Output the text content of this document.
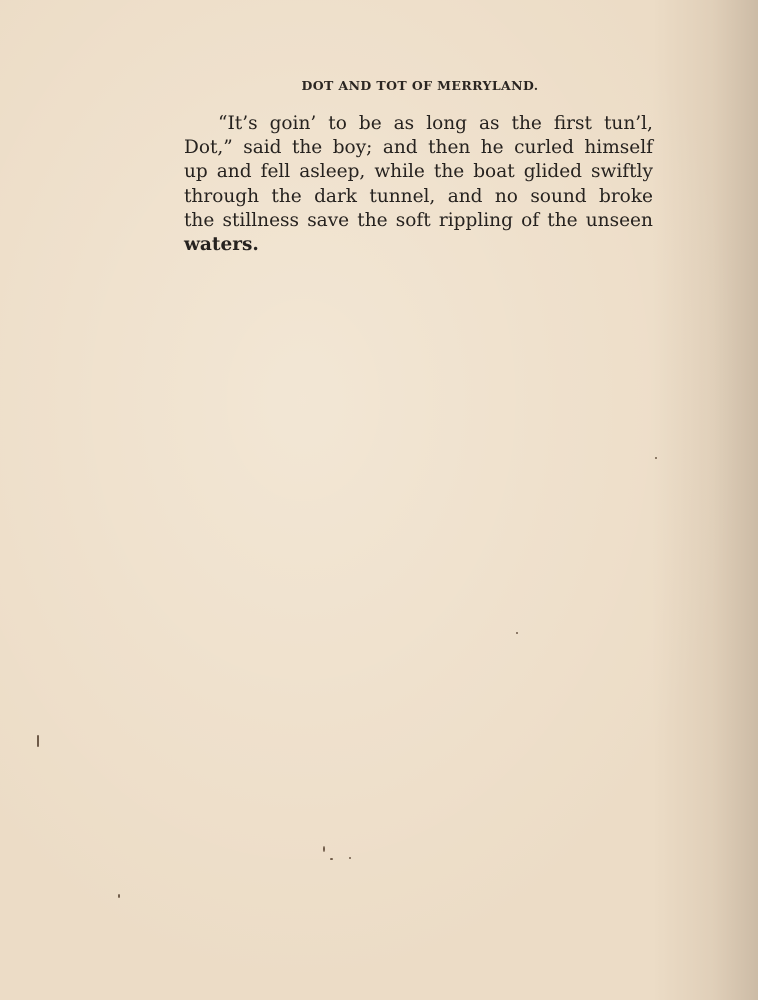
DOT AND TOT OF MERRYLAND.
“It’s goin’ to be as long as the first tun’l,
Dot,” said the boy; and then he curled himself
up and fell asleep, while the boat glided swiftly
through the dark tunnel, and no sound broke
the stillness save the soft rippling of the unseen
waters.
